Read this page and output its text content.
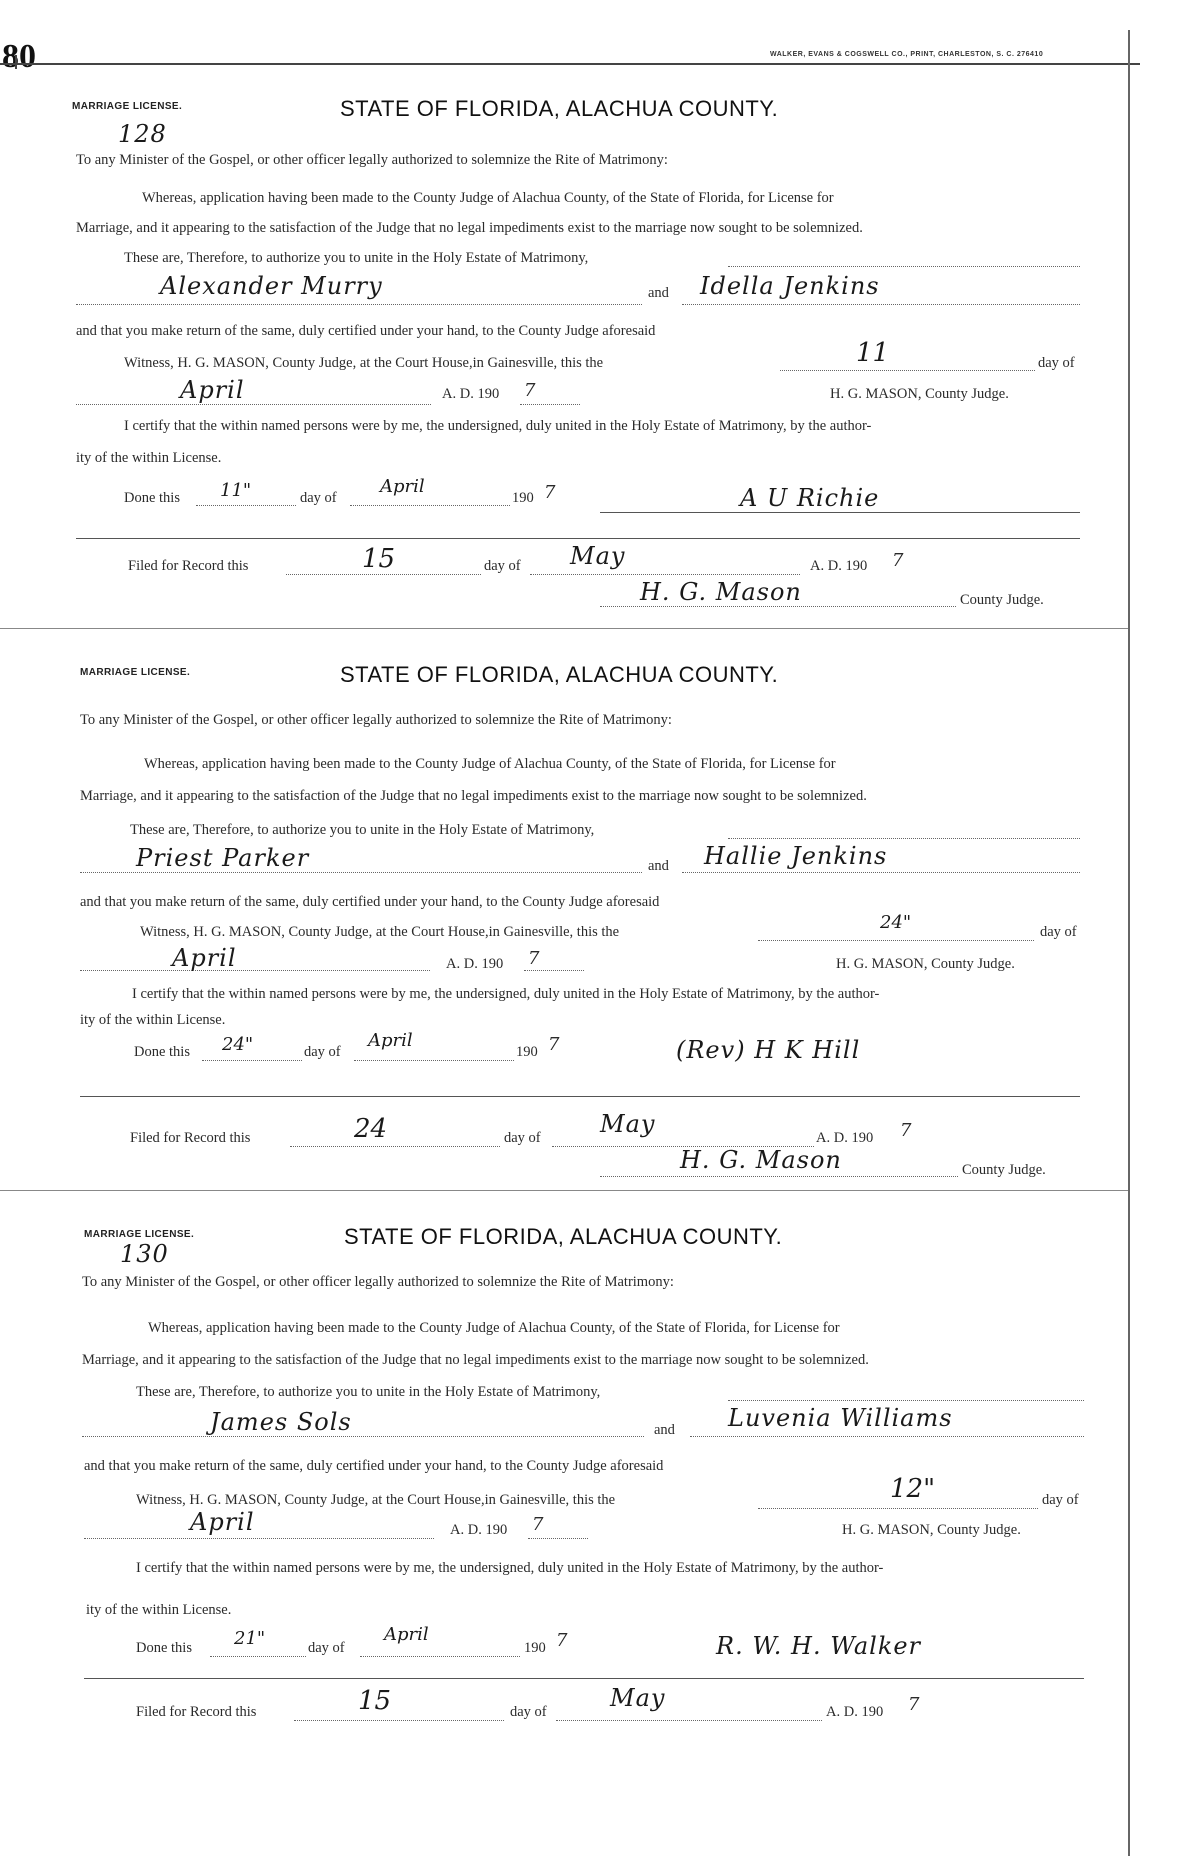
80	WALKER, EVANS & COGSWELL CO., PRINT, CHARLESTON, S. C. 276410
MARRIAGE LICENSE.	STATE OF FLORIDA, ALACHUA COUNTY.
128
To any Minister of the Gospel, or other officer legally authorized to solemnize the Rite of Matrimony:
Whereas, application having been made to the County Judge of Alachua County, of the State of Florida, for License for
Marriage, and it appearing to the satisfaction of the Judge that no legal impediments exist to the marriage now sought to be solemnized.
These are, Therefore, to authorize you to unite in the Holy Estate of Matrimony,
Alexander Murry	and Idella Jenkins
and that you make return of the same, duly certified under your hand, to the County Judge aforesaid
Witness, H. G. MASON, County Judge, at the Court House,in Gainesville, this the	11	day of
April	A. D. 190 7	H. G. MASON, County Judge.
I certify that the within named persons were by me, the undersigned, duly united in the Holy Estate of Matrimony, by the author-
ity of the within License.
Done this 11"	day of
April
190 7	A U Richie
Filed for Record this	15	day of May	A. D. 190 7
H. G. Mason	County Judge.
MARRIAGE LICENSE.	STATE OF FLORIDA, ALACHUA COUNTY.
To any Minister of the Gospel, or other officer legally authorized to solemnize the Rite of Matrimony:
Whereas, application having been made to the County Judge of Alachua County, of the State of Florida, for License for
Marriage, and it appearing to the satisfaction of the Judge that no legal impediments exist to the marriage now sought to be solemnized.
These are, Therefore, to authorize you to unite in the Holy Estate of Matrimony,
Priest Parker	and Hallie Jenkins
and that you make return of the same, duly certified under your hand, to the County Judge aforesaid
Witness, H. G. MASON, County Judge, at the Court House,in Gainesville, this the	24"	day of
April	A. D. 190 7	H. G. MASON, County Judge.
I certify that the within named persons were by me, the undersigned, duly united in the Holy Estate of Matrimony, by the author-
ity of the within License.
Done this 24"	day of
April
190 7	(Rev) H K Hill
Filed for Record this	24	day of May	A. D. 190 7
H. G. Mason	County Judge.
MARRIAGE LICENSE.	STATE OF FLORIDA, ALACHUA COUNTY.
130
To any Minister of the Gospel, or other officer legally authorized to solemnize the Rite of Matrimony:
Whereas, application having been made to the County Judge of Alachua County, of the State of Florida, for License for
Marriage, and it appearing to the satisfaction of the Judge that no legal impediments exist to the marriage now sought to be solemnized.
These are, Therefore, to authorize you to unite in the Holy Estate of Matrimony,
James Sols	and Luvenia Williams
and that you make return of the same, duly certified under your hand, to the County Judge aforesaid
Witness, H. G. MASON, County Judge, at the Court House,in Gainesville, this the	12"	day of
April	A. D. 190 7	H. G. MASON, County Judge.
I certify that the within named persons were by me, the undersigned, duly united in the Holy Estate of Matrimony, by the author-
ity of the within License.
Done this 21"	day of
April
190 7	R. W. H. Walker
Filed for Record this	15	day of	May	A. D. 190 7
